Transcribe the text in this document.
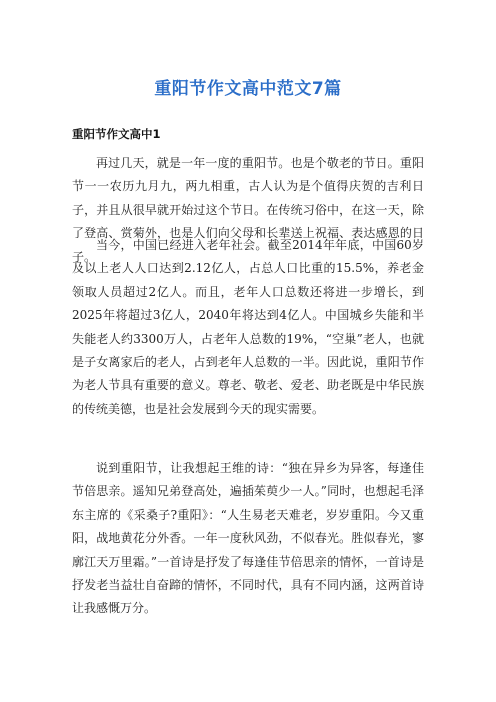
重阳节作文高中范文7篇
重阳节作文高中1

再过几天，就是一年一度的重阳节。也是个敬老的节日。重阳节一一农历九月九，两九相重，古人认为是个值得庆贺的吉利日子，并且从很早就开始过这个节日。在传统习俗中，在这一天，除了登高、赏菊外，也是人们向父母和长辈送上祝福、表达感恩的日子。

当今，中国已经进入老年社会。截至2014年年底，中国60岁及以上老人人口达到2.12亿人，占总人口比重的15.5%，养老金领取人员超过2亿人。而且，老年人口总数还将进一步增长，到2025年将超过3亿人，2040年将达到4亿人。中国城乡失能和半失能老人约3300万人，占老年人总数的19%，“空巢”老人，也就是子女离家后的老人，占到老年人总数的一半。因此说，重阳节作为老人节具有重要的意义。尊老、敬老、爱老、助老既是中华民族的传统美德，也是社会发展到今天的现实需要。

说到重阳节，让我想起王维的诗：“独在异乡为异客，每逢佳节倍思亲。遥知兄弟登高处，遍插茱萸少一人。”同时，也想起毛泽东主席的《采桑子?重阳》：“人生易老天难老，岁岁重阳。今又重阳，战地黄花分外香。一年一度秋风劲，不似春光。胜似春光，寥廓江天万里霜。”一首诗是抒发了每逢佳节倍思亲的情怀，一首诗是抒发老当益壮自奋蹄的情怀，不同时代，具有不同内涵，这两首诗让我感慨万分。
